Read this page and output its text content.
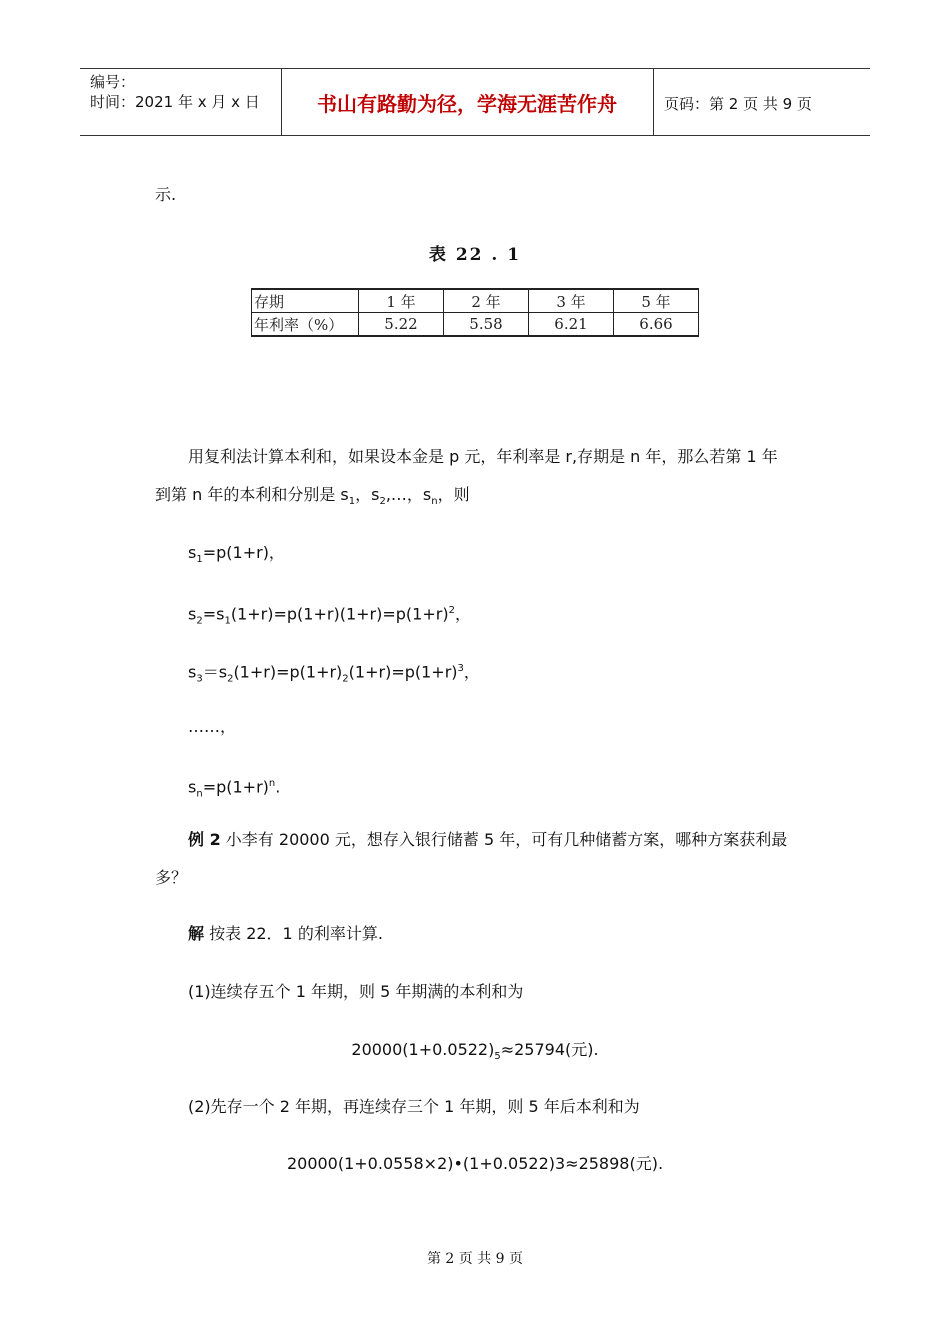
编号：
时间：2021 年 x 月 x 日	书山有路勤为径，学海无涯苦作舟	页码：第 2 页 共 9 页
示.
表 22 . 1
存期	1 年	2 年	3 年	5 年
年利率（%）	5.22	5.58	6.21	6.66
用复利法计算本利和，如果设本金是 p 元，年利率是 r,存期是 n 年，那么若第 1 年
到第 n 年的本利和分别是 $s_1$，$s_2,\dots$，$s_n$，则
$s_1=p(1+r)$，
$s_2=s_1(1+r)=p(1+r)(1+r)=p(1+r)^2$，
$s_3=s_2(1+r)=p(1+r)_2(1+r)=p(1+r)^3$，
……，
$s_n=p(1+r)^n$.
例 2 小李有 20000 元，想存入银行储蓄 5 年，可有几种储蓄方案，哪种方案获利最
多？
解 按表 22．1 的利率计算.
(1)连续存五个 1 年期，则 5 年期满的本利和为
$20000(1+0.0522)_5\approx 25794$(元).
(2)先存一个 2 年期，再连续存三个 1 年期，则 5 年后本利和为
20000(1+0.0558×2)•(1+0.0522)3≈25898(元).
第 2 页 共 9 页
